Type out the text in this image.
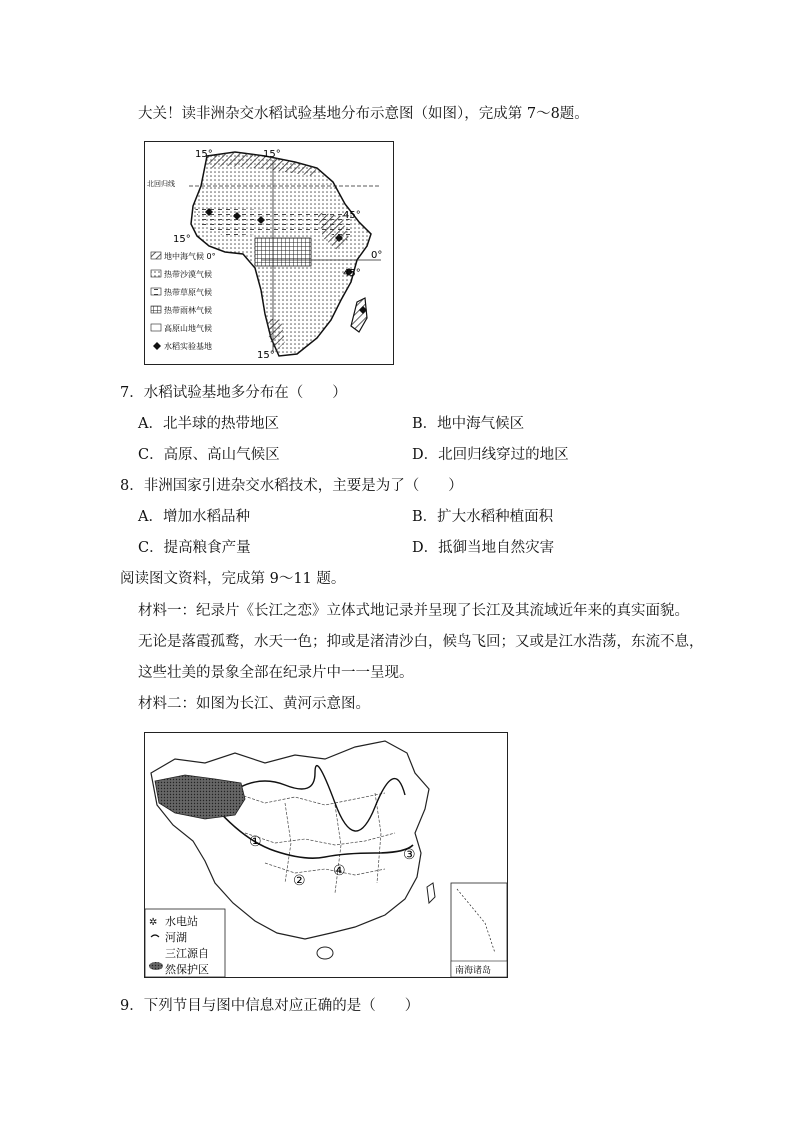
大关！读非洲杂交水稻试验基地分布示意图（如图），完成第 7～8题。
15°	15°
北回归线
45°
15°
0°
45°
15°
地中海气候 0°
热带沙漠气候
热带草原气候
热带雨林气候
高原山地气候
水稻实验基地
7．水稻试验基地多分布在（　　）
A．北半球的热带地区	B．地中海气候区
C．高原、高山气候区	D．北回归线穿过的地区
8．非洲国家引进杂交水稻技术，主要是为了（　　）
A．增加水稻品种	B．扩大水稻种植面积
C．提高粮食产量	D．抵御当地自然灾害
阅读图文资料，完成第 9～11 题。
材料一：纪录片《长江之恋》立体式地记录并呈现了长江及其流域近年来的真实面貌。
无论是落霞孤鹜，水天一色；抑或是渚清沙白，候鸟飞回；又或是江水浩荡，东流不息，
这些壮美的景象全部在纪录片中一一呈现。
材料二：如图为长江、黄河示意图。
①
②
③
④
✲ 水电站
河湖
三江源自
然保护区	南海诸岛
9．下列节目与图中信息对应正确的是（　　）
